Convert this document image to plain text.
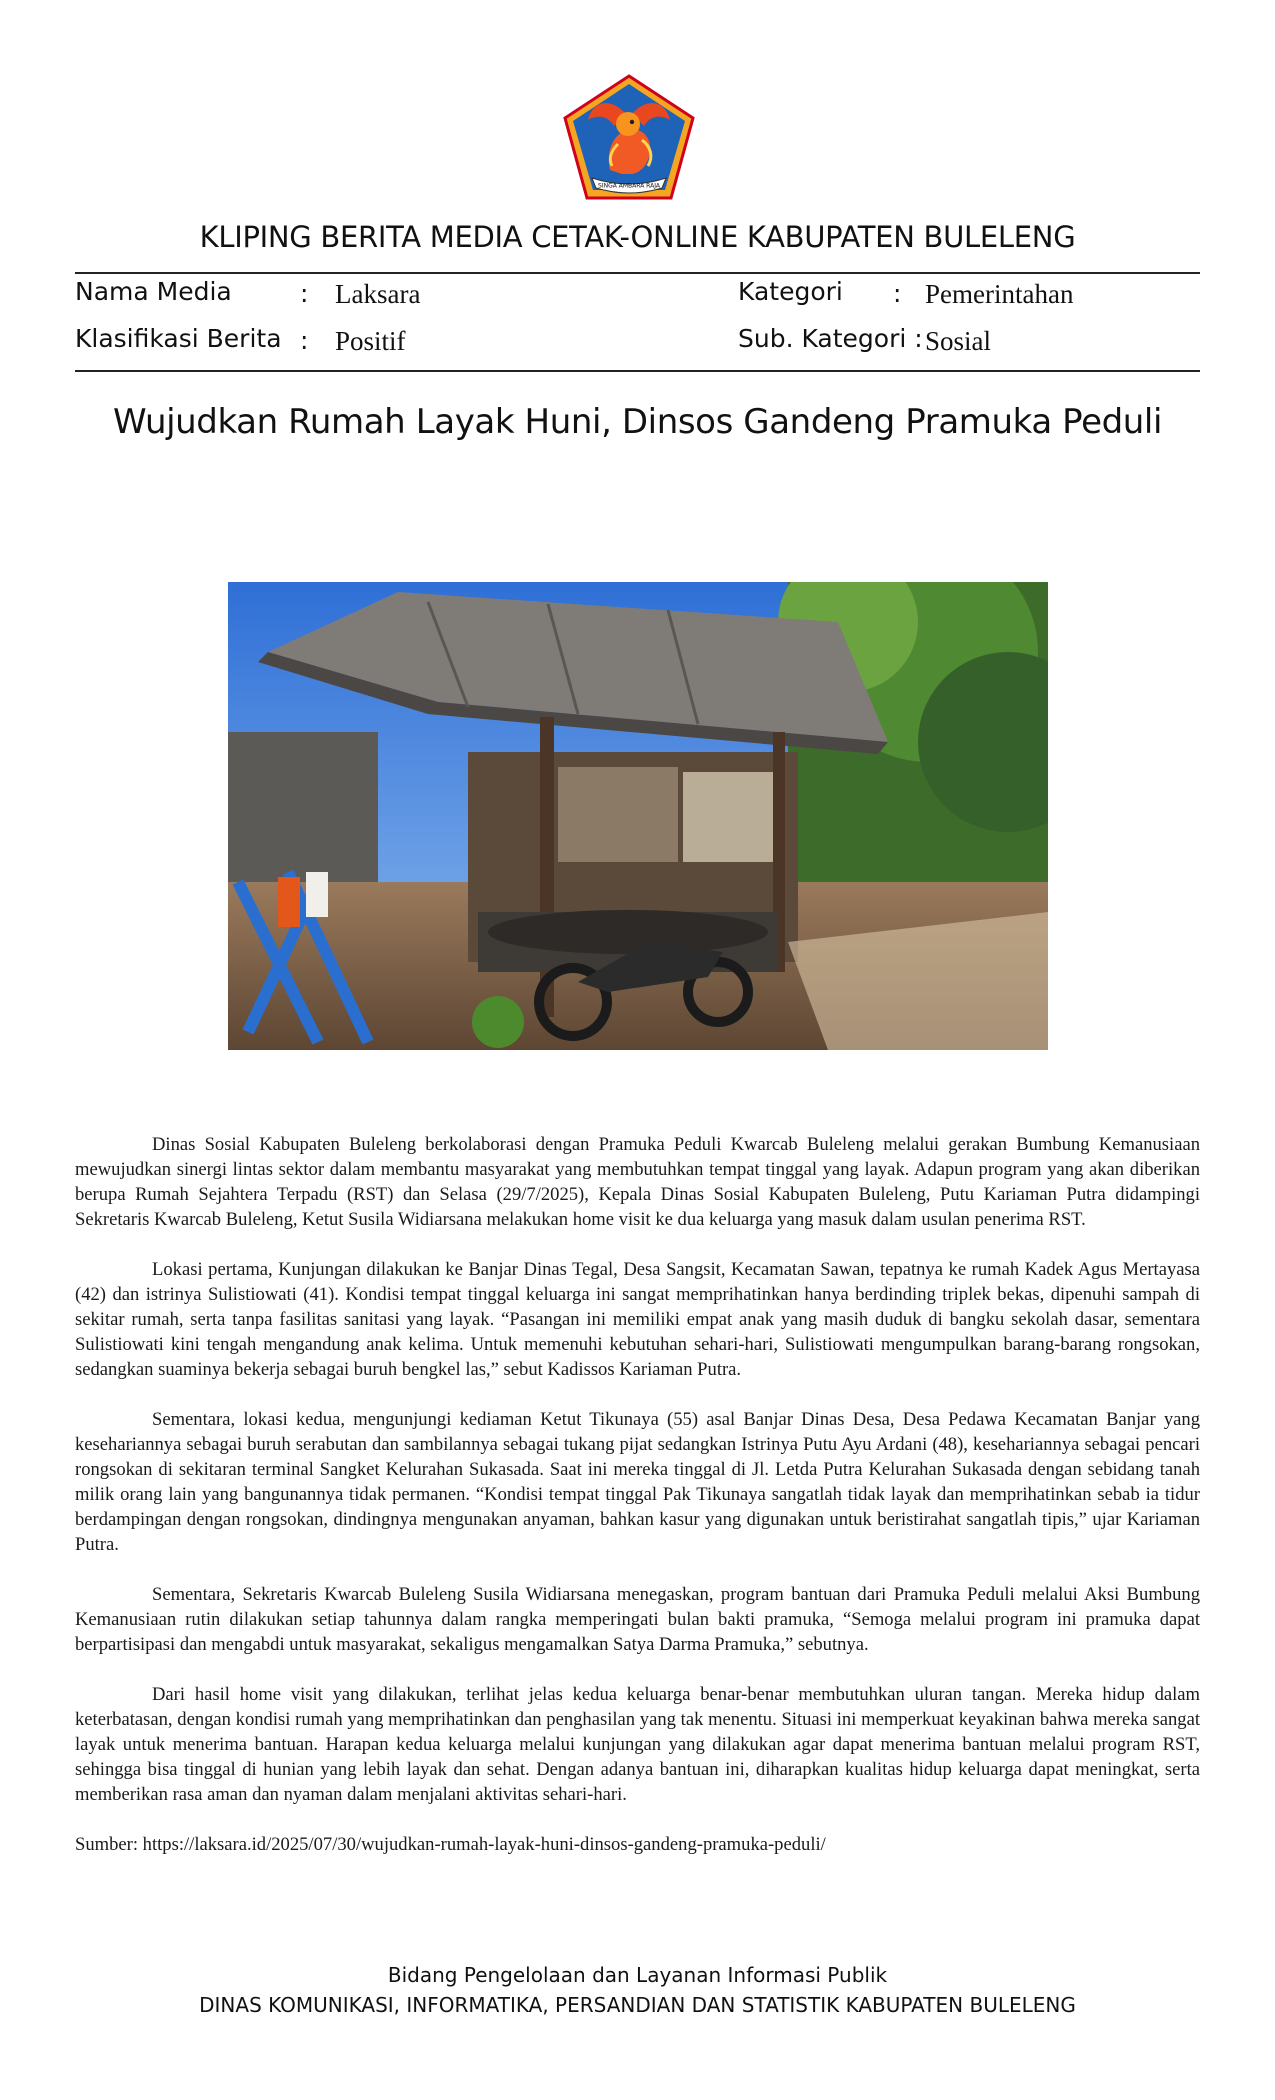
SINGA AMBARA RAJA
KLIPING BERITA MEDIA CETAK-ONLINE KABUPATEN BULELENG
Nama Media	: Laksara
Klasifikasi Berita : Positif
Kategori : Pemerintahan
Sub. Kategori : Sosial
Wujudkan Rumah Layak Huni, Dinsos Gandeng Pramuka Peduli

Dinas Sosial Kabupaten Buleleng berkolaborasi dengan Pramuka Peduli Kwarcab Buleleng melalui gerakan Bumbung Kemanusiaan mewujudkan sinergi lintas sektor dalam membantu masyarakat yang membutuhkan tempat tinggal yang layak. Adapun program yang akan diberikan berupa Rumah Sejahtera Terpadu (RST) dan Selasa (29/7/2025), Kepala Dinas Sosial Kabupaten Buleleng, Putu Kariaman Putra didampingi Sekretaris Kwarcab Buleleng, Ketut Susila Widiarsana melakukan home visit ke dua keluarga yang masuk dalam usulan penerima RST.

Lokasi pertama, Kunjungan dilakukan ke Banjar Dinas Tegal, Desa Sangsit, Kecamatan Sawan, tepatnya ke rumah Kadek Agus Mertayasa (42) dan istrinya Sulistiowati (41). Kondisi tempat tinggal keluarga ini sangat memprihatinkan hanya berdinding triplek bekas, dipenuhi sampah di sekitar rumah, serta tanpa fasilitas sanitasi yang layak. “Pasangan ini memiliki empat anak yang masih duduk di bangku sekolah dasar, sementara Sulistiowati kini tengah mengandung anak kelima. Untuk memenuhi kebutuhan sehari-hari, Sulistiowati mengumpulkan barang-barang rongsokan, sedangkan suaminya bekerja sebagai buruh bengkel las,” sebut Kadissos Kariaman Putra.

Sementara, lokasi kedua, mengunjungi kediaman Ketut Tikunaya (55) asal Banjar Dinas Desa, Desa Pedawa Kecamatan Banjar yang kesehariannya sebagai buruh serabutan dan sambilannya sebagai tukang pijat sedangkan Istrinya Putu Ayu Ardani (48), kesehariannya sebagai pencari rongsokan di sekitaran terminal Sangket Kelurahan Sukasada. Saat ini mereka tinggal di Jl. Letda Putra Kelurahan Sukasada dengan sebidang tanah milik orang lain yang bangunannya tidak permanen. “Kondisi tempat tinggal Pak Tikunaya sangatlah tidak layak dan memprihatinkan sebab ia tidur berdampingan dengan rongsokan, dindingnya mengunakan anyaman, bahkan kasur yang digunakan untuk beristirahat sangatlah tipis,” ujar Kariaman Putra.

Sementara, Sekretaris Kwarcab Buleleng Susila Widiarsana menegaskan, program bantuan dari Pramuka Peduli melalui Aksi Bumbung Kemanusiaan rutin dilakukan setiap tahunnya dalam rangka memperingati bulan bakti pramuka, “Semoga melalui program ini pramuka dapat berpartisipasi dan mengabdi untuk masyarakat, sekaligus mengamalkan Satya Darma Pramuka,” sebutnya.

Dari hasil home visit yang dilakukan, terlihat jelas kedua keluarga benar-benar membutuhkan uluran tangan. Mereka hidup dalam keterbatasan, dengan kondisi rumah yang memprihatinkan dan penghasilan yang tak menentu. Situasi ini memperkuat keyakinan bahwa mereka sangat layak untuk menerima bantuan. Harapan kedua keluarga melalui kunjungan yang dilakukan agar dapat menerima bantuan melalui program RST, sehingga bisa tinggal di hunian yang lebih layak dan sehat. Dengan adanya bantuan ini, diharapkan kualitas hidup keluarga dapat meningkat, serta memberikan rasa aman dan nyaman dalam menjalani aktivitas sehari-hari.

Sumber: https://laksara.id/2025/07/30/wujudkan-rumah-layak-huni-dinsos-gandeng-pramuka-peduli/

Bidang Pengelolaan dan Layanan Informasi Publik
DINAS KOMUNIKASI, INFORMATIKA, PERSANDIAN DAN STATISTIK KABUPATEN BULELENG
